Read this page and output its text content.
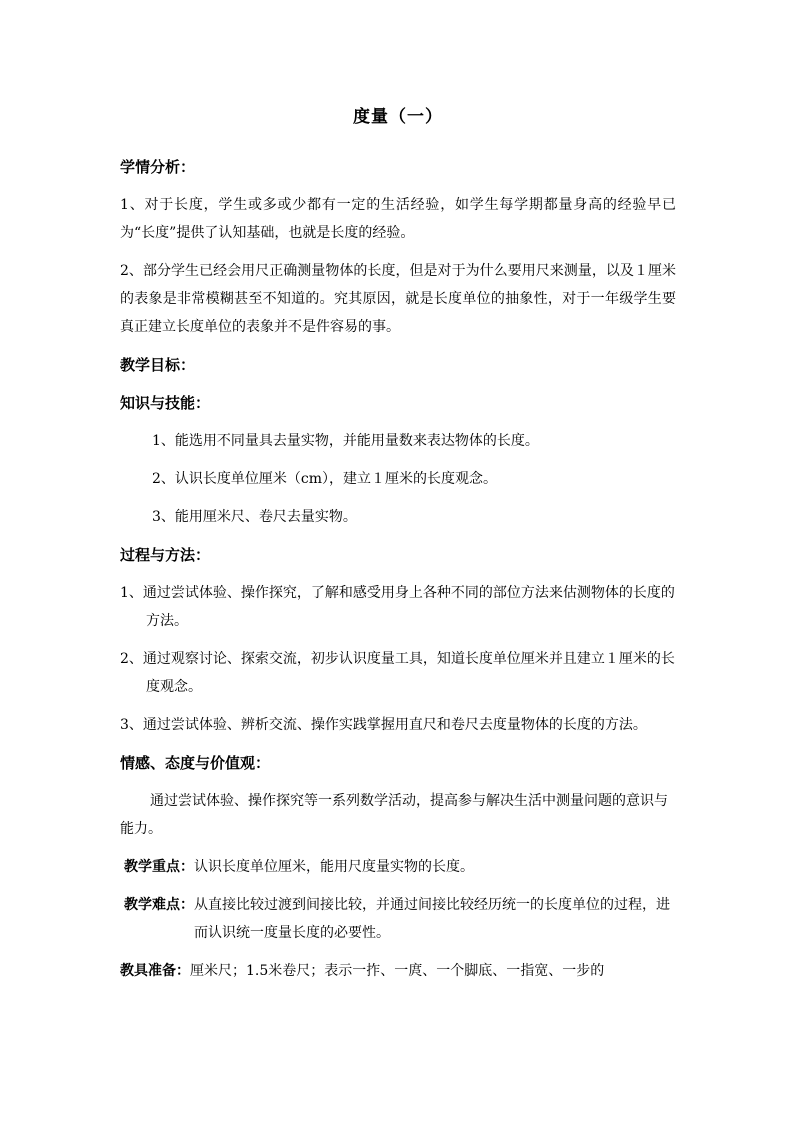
度量（一）
学情分析：
1、对于长度，学生或多或少都有一定的生活经验，如学生每学期都量身高的经验早已为“长度”提供了认知基础，也就是长度的经验。
2、部分学生已经会用尺正确测量物体的长度，但是对于为什么要用尺来测量，以及１厘米的表象是非常模糊甚至不知道的。究其原因，就是长度单位的抽象性，对于一年级学生要真正建立长度单位的表象并不是件容易的事。
教学目标：
知识与技能：
1、能选用不同量具去量实物，并能用量数来表达物体的长度。
2、认识长度单位厘米（cm），建立１厘米的长度观念。
3、能用厘米尺、卷尺去量实物。
过程与方法：
1、通过尝试体验、操作探究，了解和感受用身上各种不同的部位方法来估测物体的长度的方法。
2、通过观察讨论、探索交流，初步认识度量工具，知道长度单位厘米并且建立１厘米的长度观念。
3、通过尝试体验、辨析交流、操作实践掌握用直尺和卷尺去度量物体的长度的方法。
情感、态度与价值观：
通过尝试体验、操作探究等一系列数学活动，提高参与解决生活中测量问题的意识与能力。
教学重点： 认识长度单位厘米，能用尺度量实物的长度。
教学难点： 从直接比较过渡到间接比较，并通过间接比较经历统一的长度单位的过程，进而认识统一度量长度的必要性。
教具准备： 厘米尺；1.5米卷尺；表示一拃、一庹、一个脚底、一指宽、一步的
